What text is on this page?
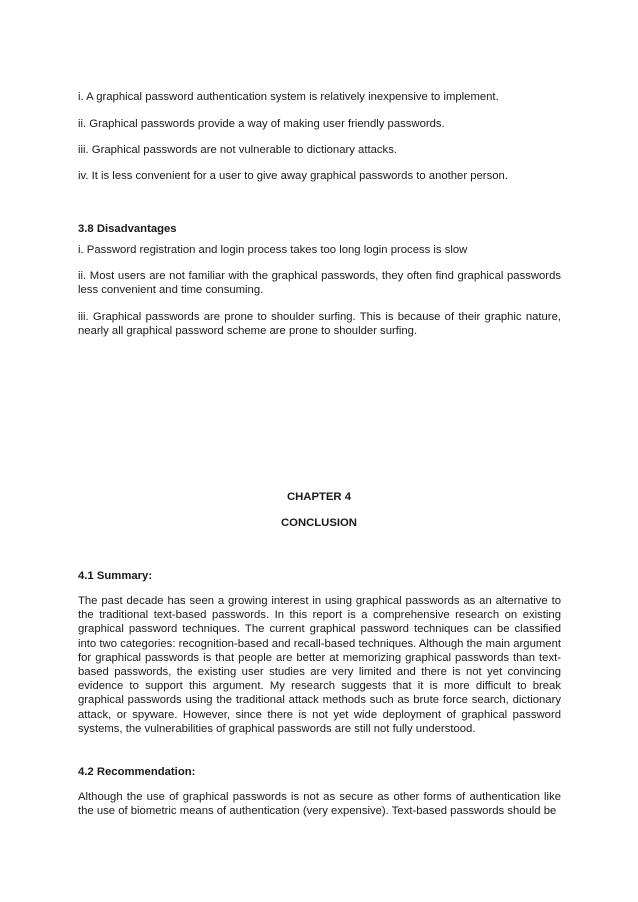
i. A graphical password authentication system is relatively inexpensive to implement.

ii. Graphical passwords provide a way of making user friendly passwords.

iii. Graphical passwords are not vulnerable to dictionary attacks.

iv. It is less convenient for a user to give away graphical passwords to another person.

3.8 Disadvantages

i. Password registration and login process takes too long login process is slow

ii. Most users are not familiar with the graphical passwords, they often find graphical passwords less convenient and time consuming.

iii. Graphical passwords are prone to shoulder surfing. This is because of their graphic nature, nearly all graphical password scheme are prone to shoulder surfing.

CHAPTER 4

CONCLUSION

4.1 Summary:

The past decade has seen a growing interest in using graphical passwords as an alternative to the traditional text-based passwords. In this report is a comprehensive research on existing graphical password techniques. The current graphical password techniques can be classified into two categories: recognition-based and recall-based techniques. Although the main argument for graphical passwords is that people are better at memorizing graphical passwords than text-based passwords, the existing user studies are very limited and there is not yet convincing evidence to support this argument. My research suggests that it is more difficult to break graphical passwords using the traditional attack methods such as brute force search, dictionary attack, or spyware. However, since there is not yet wide deployment of graphical password systems, the vulnerabilities of graphical passwords are still not fully understood.

4.2 Recommendation:

Although the use of graphical passwords is not as secure as other forms of authentication like the use of biometric means of authentication (very expensive). Text-based passwords should be
